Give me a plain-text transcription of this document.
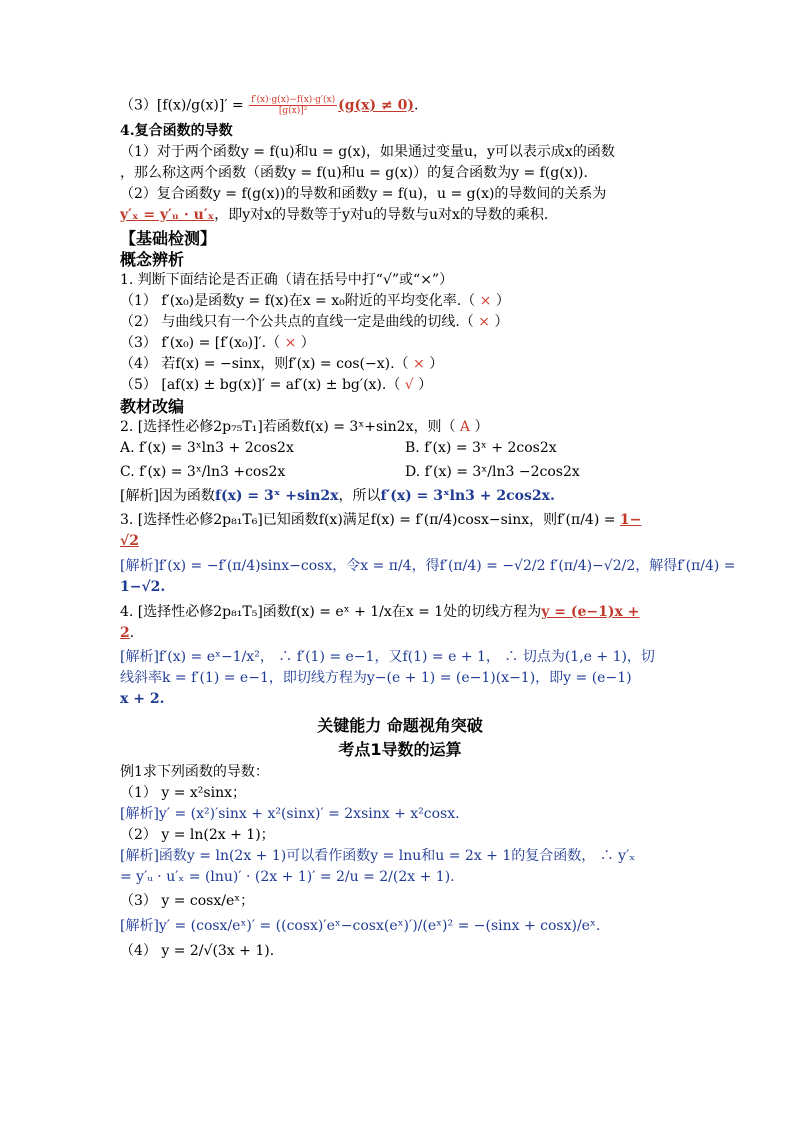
$(3)[f(x)/g(x)]' = \frac{f'(x)\cdot g(x)-f(x)\cdot g'(x)}{\text{[g(x)]²}} (g(x) \ne 0)$.
4.复合函数的导数
（1）对于两个函数y = f(u)和u = g(x)，如果通过变量u，y可以表示成x的函数
，那么称这两个函数（函数y = f(u)和u = g(x)）的复合函数为y = f(g(x)).
（2）复合函数y = f(g(x))的导数和函数y = f(u)，u = g(x)的导数间的关系为
y′ₓ = y′ᵤ · u′ₓ，即y对x的导数等于y对u的导数与u对x的导数的乘积.
【基础检测】
概念辨析
1. 判断下面结论是否正确（请在括号中打“√”或“×”）
（1） f′(x₀)是函数y = f(x)在x = x₀附近的平均变化率.（ × ）
（2） 与曲线只有一个公共点的直线一定是曲线的切线.（ × ）
（3） f′(x₀) = [f′(x₀)]′.（ × ）
（4） 若f(x) = −sinx，则f′(x) = cos(−x).（ × ）
（5） [af(x) ± bg(x)]′ = af′(x) ± bg′(x).（ √ ）
教材改编
2. [选择性必修2p₇₅T₁]若函数f(x) = 3ˣ+sin2x，则（ A ）
A. f′(x) = 3ˣln3 + 2cos2x	B. f′(x) = 3ˣ + 2cos2x
C. f′(x) = 3ˣ/ln3 +cos2x	D. f′(x) = 3ˣ/ln3 −2cos2x
[解析]因为函数f(x) = 3ˣ +sin2x，所以f′(x) = 3ˣln3 + 2cos2x.
3. [选择性必修2p₈₁T₆]已知函数f(x)满足f(x) = f′(π/4)cosx−sinx，则f′(π/4) = 1−
√2
[解析]f′(x) = −f′(π/4)sinx−cosx，令x = π/4，得f′(π/4) = −√2/2 f′(π/4)−√2/2，解得f′(π/4) =
1−√2.
4. [选择性必修2p₈₁T₅]函数f(x) = eˣ + 1/x在x = 1处的切线方程为y = (e−1)x +
2.
[解析]f′(x) = eˣ−1/x²， ∴ f′(1) = e−1，又f(1) = e + 1， ∴ 切点为(1,e + 1)，切
线斜率k = f′(1) = e−1，即切线方程为y−(e + 1) = (e−1)(x−1)，即y = (e−1)
x + 2.
关键能力 命题视角突破
考点1导数的运算
例1求下列函数的导数：
（1） y = x²sinx；
[解析]y′ = (x²)′sinx + x²(sinx)′ = 2xsinx + x²cosx.
（2） y = ln(2x + 1)；
[解析]函数y = ln(2x + 1)可以看作函数y = lnu和u = 2x + 1的复合函数， ∴ y′ₓ
= y′ᵤ · u′ₓ = (lnu)′ · (2x + 1)′ = 2/u = 2/(2x + 1).
（3） y = cosx/eˣ；
[解析]y′ = (cosx/eˣ)′ = ((cosx)′eˣ−cosx(eˣ)′)/(eˣ)² = −(sinx + cosx)/eˣ.
（4） y = 2/√(3x + 1).
